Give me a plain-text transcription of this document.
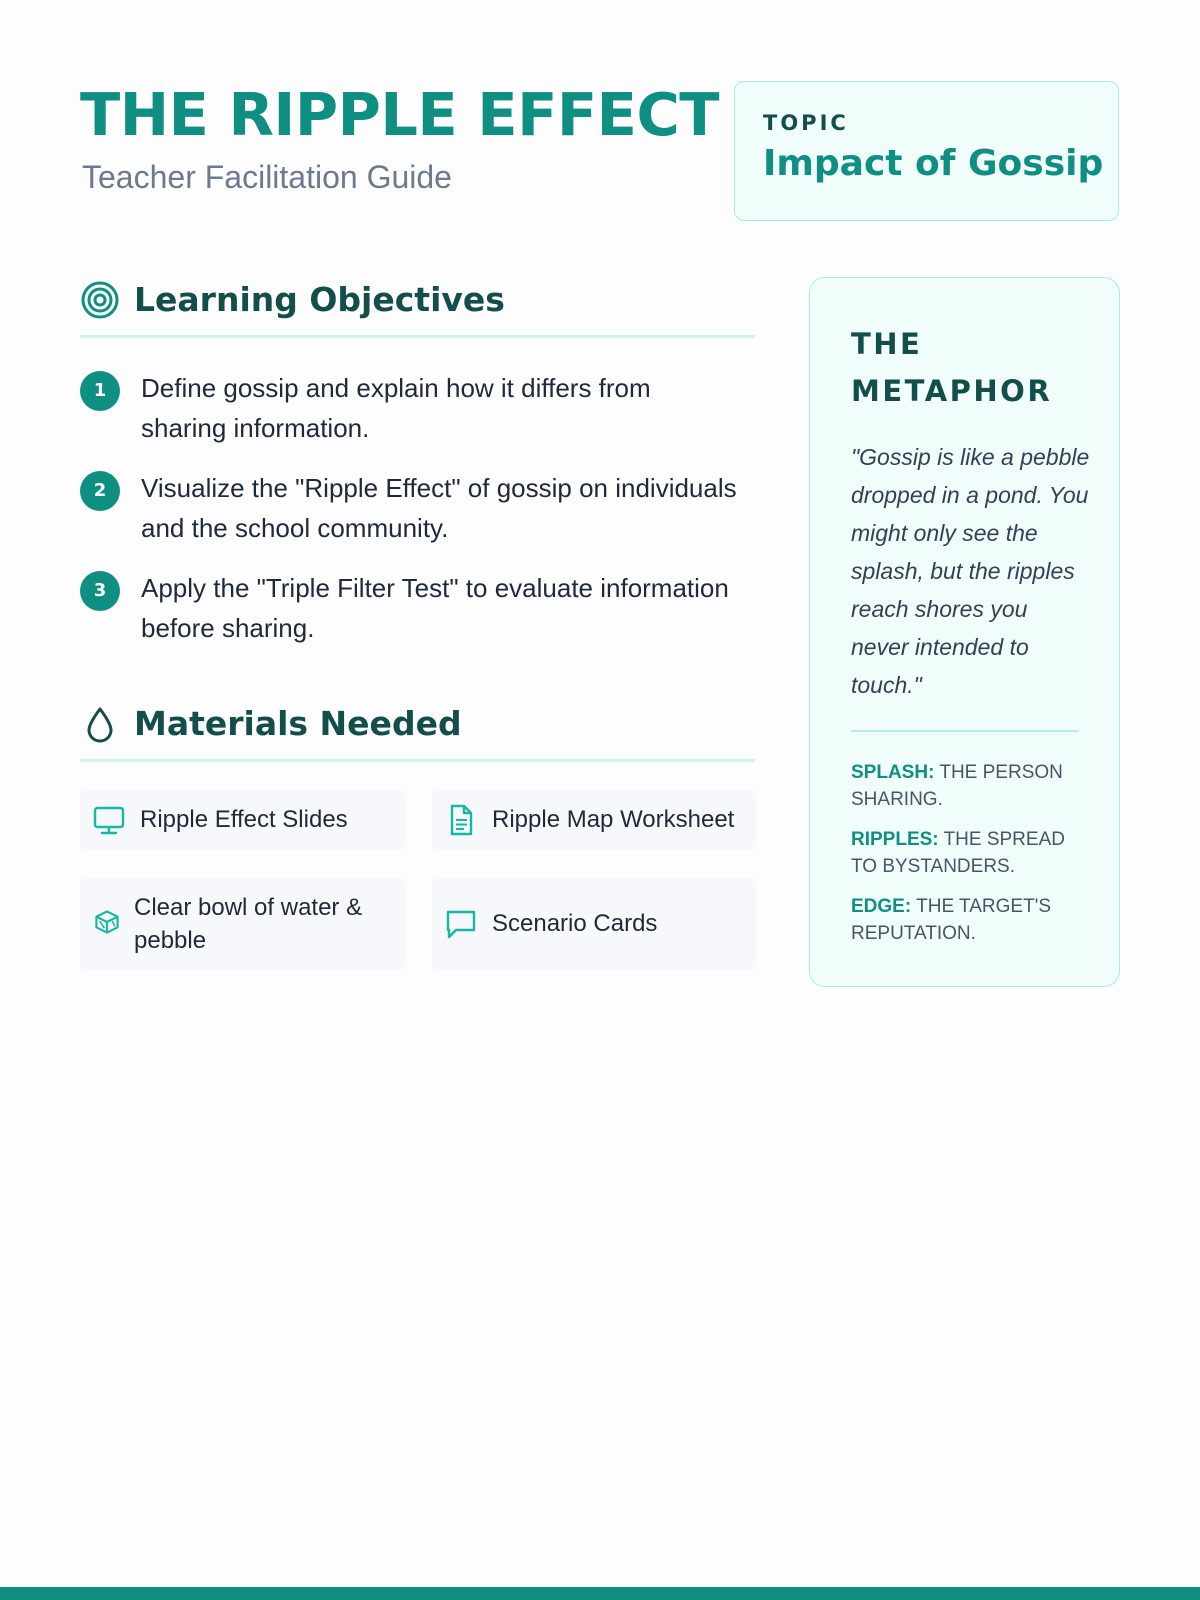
THE RIPPLE EFFECT
Teacher Facilitation Guide
TOPIC
Impact of Gossip
Learning Objectives
1	Define gossip and explain how it differs from sharing information.
2	Visualize the "Ripple Effect" of gossip on individuals and the school community.
3	Apply the "Triple Filter Test" to evaluate information before sharing.
Materials Needed
Ripple Effect Slides	Ripple Map Worksheet
Clear bowl of water & pebble
Scenario Cards
THE METAPHOR

"Gossip is like a pebble dropped in a pond. You might only see the splash, but the ripples reach shores you never intended to touch."

SPLASH: THE PERSON SHARING.
RIPPLES: THE SPREAD TO BYSTANDERS.
EDGE: THE TARGET'S REPUTATION.
